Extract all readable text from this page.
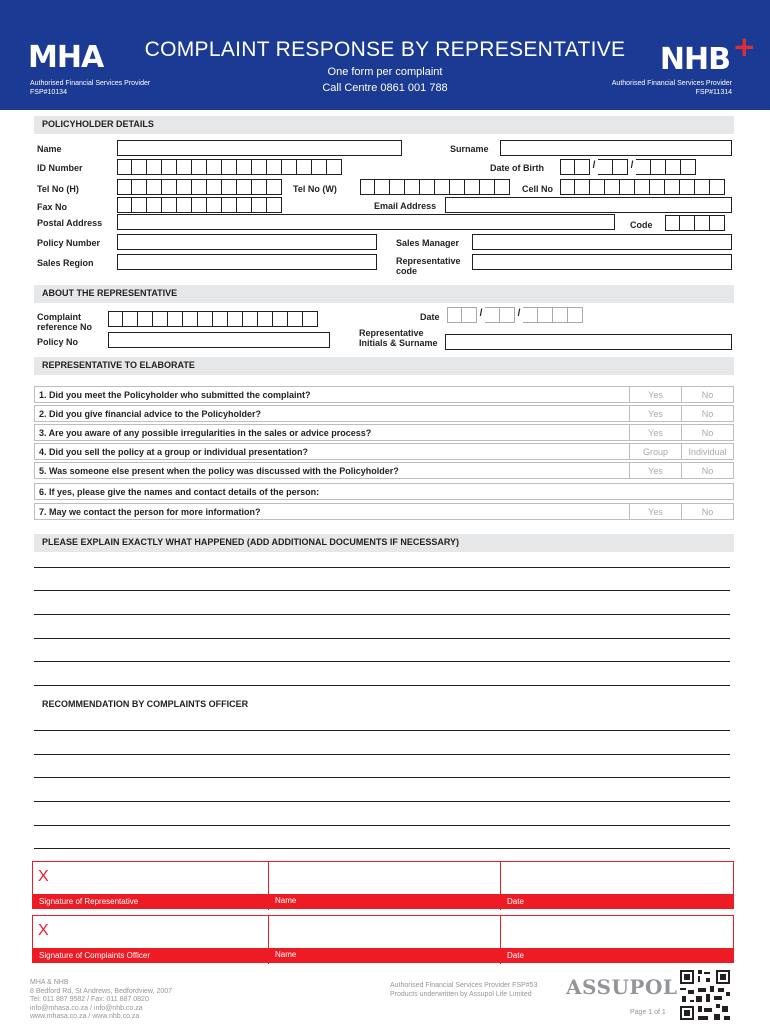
MHA
Authorised Financial Services Provider
FSP#10134
COMPLAINT RESPONSE BY REPRESENTATIVE
One form per complaint
Call Centre 0861 001 788
NHB +
Authorised Financial Services Provider
FSP#11314
POLICYHOLDER DETAILS
Name	Surname
ID Number	Date of Birth	/	/
Tel No (H)	Tel No (W)	Cell No
Fax No	Email Address
Postal Address	Code
Policy Number	Sales Manager
Sales Region	Representative
code
ABOUT THE REPRESENTATIVE
Complaint
reference No
Date	/	/
Policy No
Representative
Initials & Surname
REPRESENTATIVE TO ELABORATE
1. Did you meet the Policyholder who submitted the complaint?	Yes	No
2. Did you give financial advice to the Policyholder?	Yes	No
3. Are you aware of any possible irregularities in the sales or advice process?	Yes	No
4. Did you sell the policy at a group or individual presentation?	Group	Individual
5. Was someone else present when the policy was discussed with the Policyholder?	Yes	No
6. If yes, please give the names and contact details of the person:
7. May we contact the person for more information?	Yes	No
PLEASE EXPLAIN EXACTLY WHAT HAPPENED (ADD ADDITIONAL DOCUMENTS IF NECESSARY)
RECOMMENDATION BY COMPLAINTS OFFICER
X
Signature of Representative	Name	Date
X
Signature of Complaints Officer	Name	Date
MHA & NHB
8 Bedford Rd, St Andrews, Bedfordview, 2007
Tel: 011 887 9582 / Fax: 011 887 0820
info@mhasa.co.za / info@nhb.co.za
www.mhasa.co.za / www.nhb.co.za
Authorised Financial Services Provider FSP#53
Products underwritten by Assupol Life Limited ASSUPOL
Page 1 of 1
